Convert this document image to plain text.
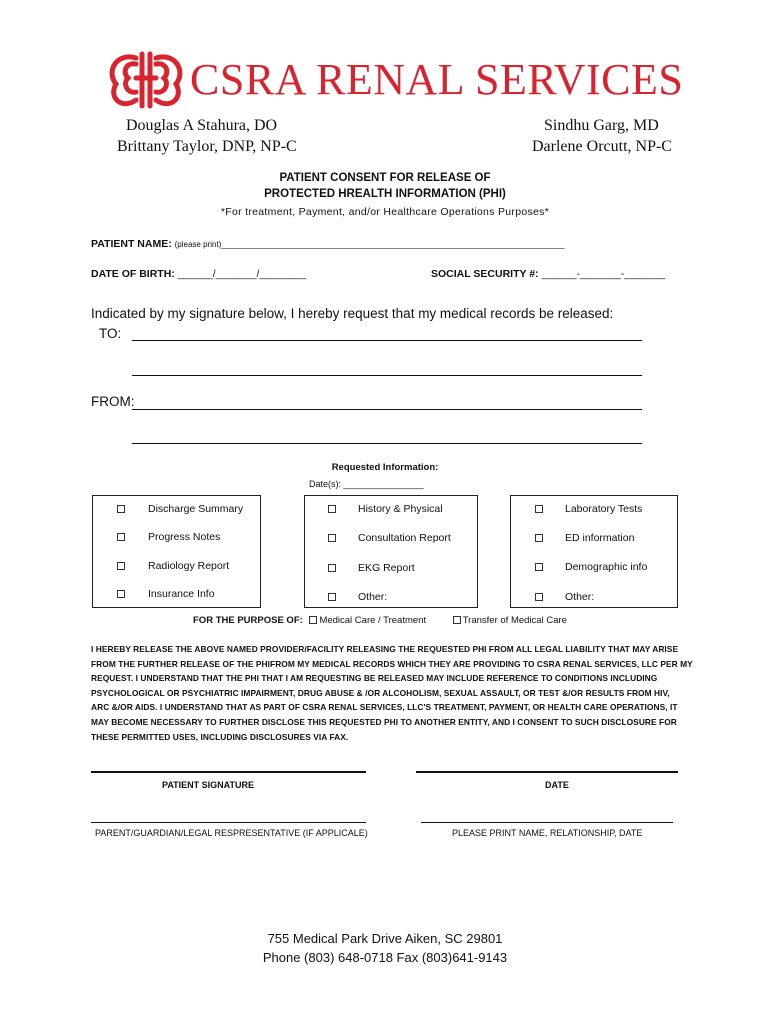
CSRA RENAL SERVICES
Douglas A Stahura, DO
Brittany Taylor, DNP, NP-C
Sindhu Garg, MD
Darlene Orcutt, NP-C
PATIENT CONSENT FOR RELEASE OF
PROTECTED HREALTH INFORMATION (PHI)
*For treatment, Payment, and/or Healthcare Operations Purposes*
PATIENT NAME: (please print)______________________________________________________________________________
DATE OF BIRTH: ______/_______/________	SOCIAL SECURITY #: ______-_______-_______
Indicated by my signature below, I hereby request that my medical records be released:
TO:
FROM:
Requested Information:
Date(s): ________________
Discharge Summary
Progress Notes
Radiology Report
Insurance Info
History & Physical
Consultation Report
EKG Report
Other:
Laboratory Tests
ED information
Demographic info
Other:
FOR THE PURPOSE OF: Medical Care / Treatment	Transfer of Medical Care
I HEREBY RELEASE THE ABOVE NAMED PROVIDER/FACILITY RELEASING THE REQUESTED PHI FROM ALL LEGAL LIABILITY THAT MAY ARISE
FROM THE FURTHER RELEASE OF THE PHIFROM MY MEDICAL RECORDS WHICH THEY ARE PROVIDING TO CSRA RENAL SERVICES, LLC PER MY
REQUEST. I UNDERSTAND THAT THE PHI THAT I AM REQUESTING BE RELEASED MAY INCLUDE REFERENCE TO CONDITIONS INCLUDING
PSYCHOLOGICAL OR PSYCHIATRIC IMPAIRMENT, DRUG ABUSE & /OR ALCOHOLISM, SEXUAL ASSAULT, OR TEST &/OR RESULTS FROM HIV,
ARC &/OR AIDS. I UNDERSTAND THAT AS PART OF CSRA RENAL SERVICES, LLC'S TREATMENT, PAYMENT, OR HEALTH CARE OPERATIONS, IT
MAY BECOME NECESSARY TO FURTHER DISCLOSE THIS REQUESTED PHI TO ANOTHER ENTITY, AND I CONSENT TO SUCH DISCLOSURE FOR
THESE PERMITTED USES, INCLUDING DISCLOSURES VIA FAX.
PATIENT SIGNATURE	DATE
PARENT/GUARDIAN/LEGAL RESPRESENTATIVE (IF APPLICALE)	PLEASE PRINT NAME, RELATIONSHIP, DATE
755 Medical Park Drive Aiken, SC 29801
Phone (803) 648-0718 Fax (803)641-9143
